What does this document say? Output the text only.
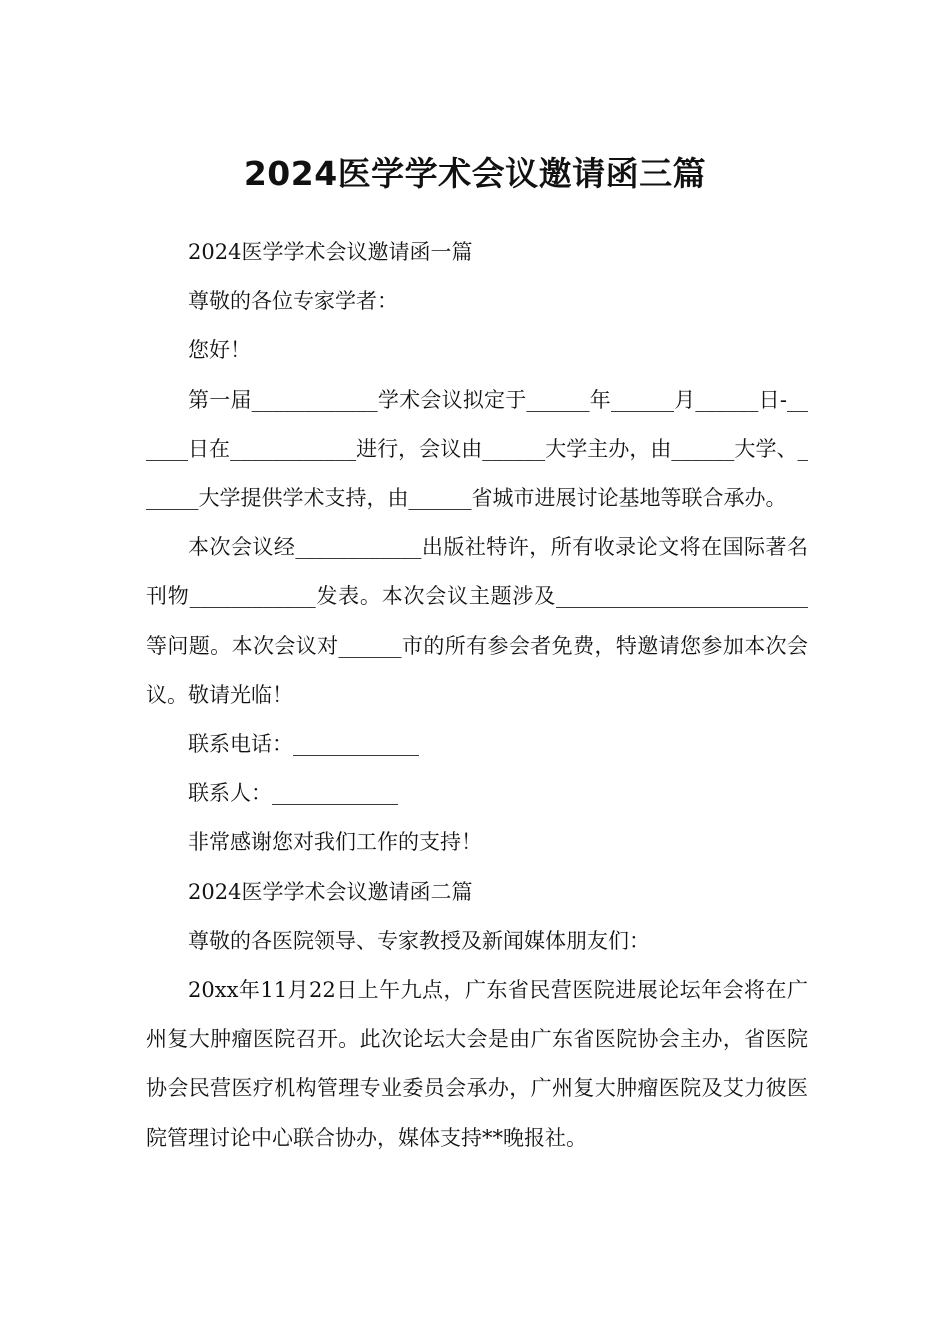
2024医学学术会议邀请函三篇

2024医学学术会议邀请函一篇

尊敬的各位专家学者：

您好！

第一届____________学术会议拟定于______年______月______日-______日在____________进行，会议由______大学主办，由______大学、______大学提供学术支持，由______省城市进展讨论基地等联合承办。

本次会议经____________出版社特许，所有收录论文将在国际著名刊物____________发表。本次会议主题涉及________________________等问题。本次会议对______市的所有参会者免费，特邀请您参加本次会议。敬请光临！

联系电话：____________

联系人：____________

非常感谢您对我们工作的支持！

2024医学学术会议邀请函二篇

尊敬的各医院领导、专家教授及新闻媒体朋友们：

20xx年11月22日上午九点，广东省民营医院进展论坛年会将在广州复大肿瘤医院召开。此次论坛大会是由广东省医院协会主办，省医院协会民营医疗机构管理专业委员会承办，广州复大肿瘤医院及艾力彼医院管理讨论中心联合协办，媒体支持**晚报社。
